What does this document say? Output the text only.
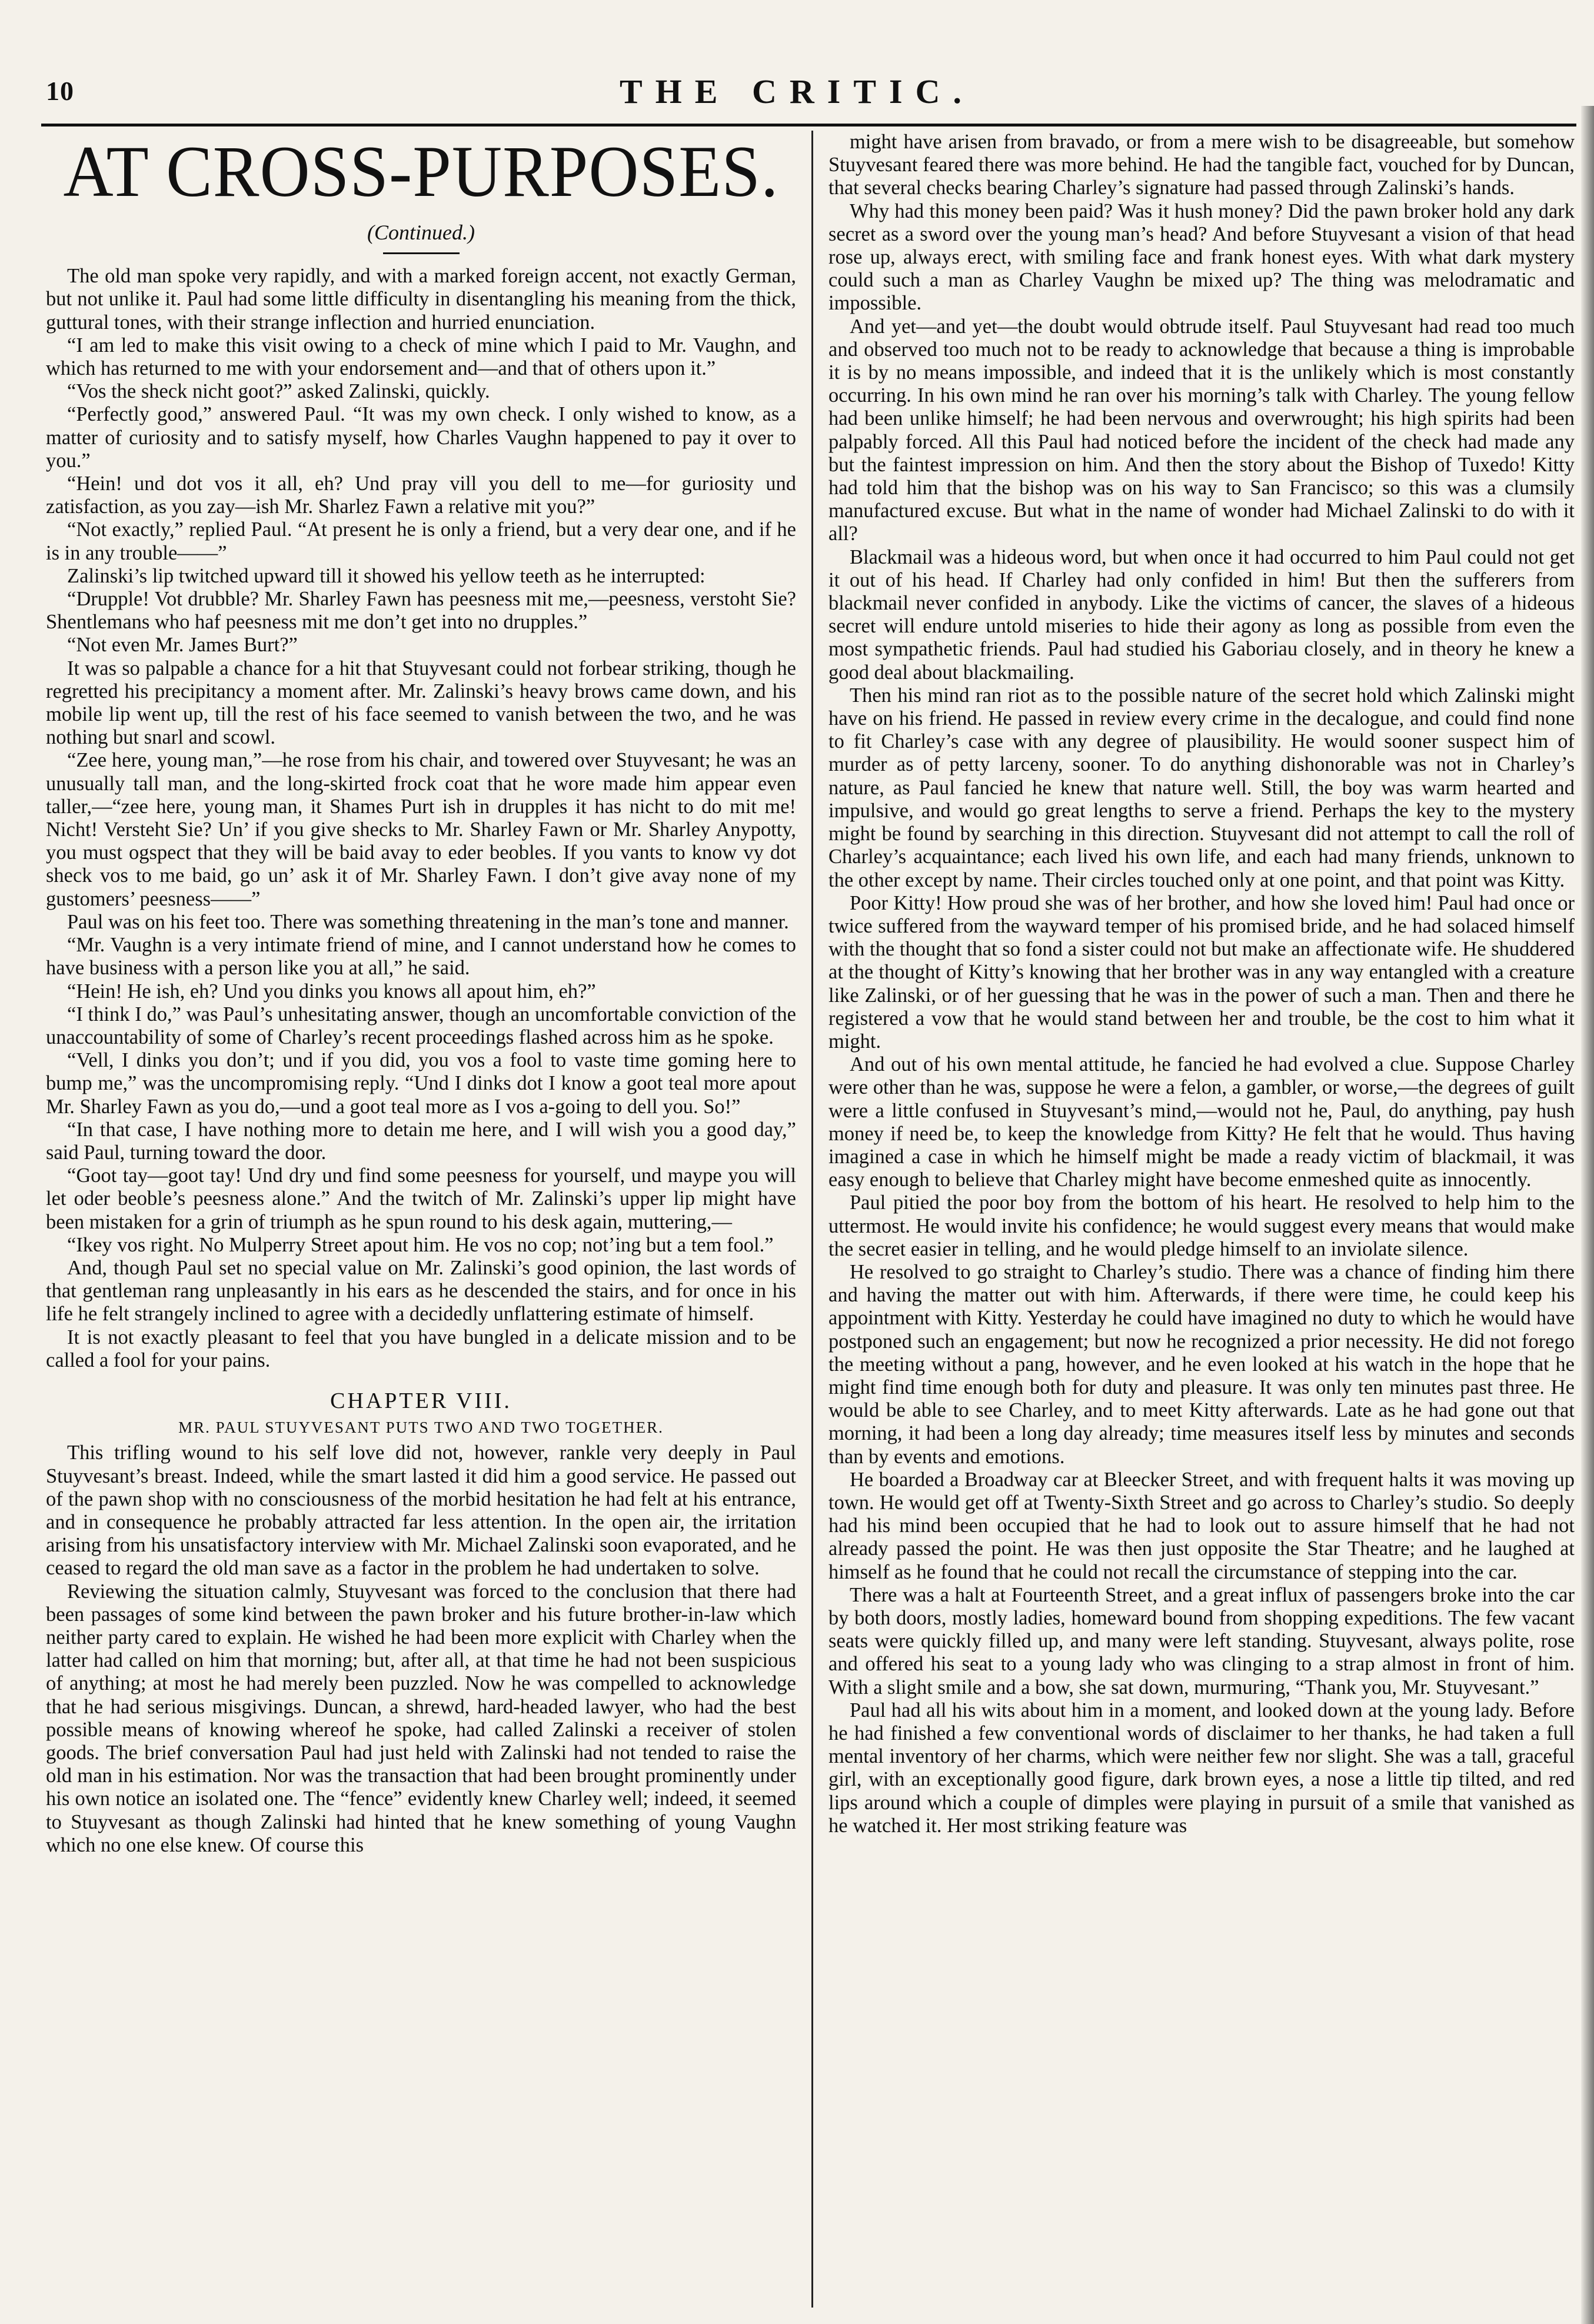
10	THE CRITIC.
AT CROSS-PURPOSES.
(Continued.)

The old man spoke very rapidly, and with a marked foreign accent, not exactly German, but not unlike it. Paul had some little difficulty in disentangling his meaning from the thick, guttural tones, with their strange inflection and hurried enunciation.

“I am led to make this visit owing to a check of mine which I paid to Mr. Vaughn, and which has returned to me with your endorsement and—and that of others upon it.”

“Vos the sheck nicht goot?” asked Zalinski, quickly.

“Perfectly good,” answered Paul. “It was my own check. I only wished to know, as a matter of curiosity and to satisfy myself, how Charles Vaughn happened to pay it over to you.”

“Hein! und dot vos it all, eh? Und pray vill you dell to me—for guriosity und zatisfaction, as you zay—ish Mr. Sharlez Fawn a relative mit you?”

“Not exactly,” replied Paul. “At present he is only a friend, but a very dear one, and if he is in any trouble——”

Zalinski’s lip twitched upward till it showed his yellow teeth as he interrupted:

“Drupple! Vot drubble? Mr. Sharley Fawn has peesness mit me,—peesness, verstoht Sie? Shentlemans who haf peesness mit me don’t get into no drupples.”

“Not even Mr. James Burt?”

It was so palpable a chance for a hit that Stuyvesant could not forbear striking, though he regretted his precipitancy a moment after. Mr. Zalinski’s heavy brows came down, and his mobile lip went up, till the rest of his face seemed to vanish between the two, and he was nothing but snarl and scowl.

“Zee here, young man,”—he rose from his chair, and towered over Stuyvesant; he was an unusually tall man, and the long-skirted frock coat that he wore made him appear even taller,—“zee here, young man, it Shames Purt ish in drupples it has nicht to do mit me! Nicht! Versteht Sie? Un’ if you give shecks to Mr. Sharley Fawn or Mr. Sharley Anypotty, you must ogspect that they will be baid avay to eder beobles. If you vants to know vy dot sheck vos to me baid, go un’ ask it of Mr. Sharley Fawn. I don’t give avay none of my gustomers’ peesness——”

Paul was on his feet too. There was something threatening in the man’s tone and manner.

“Mr. Vaughn is a very intimate friend of mine, and I cannot understand how he comes to have business with a person like you at all,” he said.

“Hein! He ish, eh? Und you dinks you knows all apout him, eh?”

“I think I do,” was Paul’s unhesitating answer, though an uncomfortable conviction of the unaccountability of some of Charley’s recent proceedings flashed across him as he spoke.

“Vell, I dinks you don’t; und if you did, you vos a fool to vaste time goming here to bump me,” was the uncompromising reply. “Und I dinks dot I know a goot teal more apout Mr. Sharley Fawn as you do,—und a goot teal more as I vos a-going to dell you. So!”

“In that case, I have nothing more to detain me here, and I will wish you a good day,” said Paul, turning toward the door.

“Goot tay—goot tay! Und dry und find some peesness for yourself, und maype you will let oder beoble’s peesness alone.” And the twitch of Mr. Zalinski’s upper lip might have been mistaken for a grin of triumph as he spun round to his desk again, muttering,—

“Ikey vos right. No Mulperry Street apout him. He vos no cop; not’ing but a tem fool.”

And, though Paul set no special value on Mr. Zalinski’s good opinion, the last words of that gentleman rang unpleasantly in his ears as he descended the stairs, and for once in his life he felt strangely inclined to agree with a decidedly unflattering estimate of himself.

It is not exactly pleasant to feel that you have bungled in a delicate mission and to be called a fool for your pains.

CHAPTER VIII.
MR. PAUL STUYVESANT PUTS TWO AND TWO TOGETHER.

This trifling wound to his self love did not, however, rankle very deeply in Paul Stuyvesant’s breast. Indeed, while the smart lasted it did him a good service. He passed out of the pawn shop with no consciousness of the morbid hesitation he had felt at his entrance, and in consequence he probably attracted far less attention. In the open air, the irritation arising from his unsatisfactory interview with Mr. Michael Zalinski soon evaporated, and he ceased to regard the old man save as a factor in the problem he had undertaken to solve.

Reviewing the situation calmly, Stuyvesant was forced to the conclusion that there had been passages of some kind between the pawn broker and his future brother-in-law which neither party cared to explain. He wished he had been more explicit with Charley when the latter had called on him that morning; but, after all, at that time he had not been suspicious of anything; at most he had merely been puzzled. Now he was compelled to acknowledge that he had serious misgivings. Duncan, a shrewd, hard-headed lawyer, who had the best possible means of knowing whereof he spoke, had called Zalinski a receiver of stolen goods. The brief conversation Paul had just held with Zalinski had not tended to raise the old man in his estimation. Nor was the transaction that had been brought prominently under his own notice an isolated one. The “fence” evidently knew Charley well; indeed, it seemed to Stuyvesant as though Zalinski had hinted that he knew something of young Vaughn which no one else knew. Of course this

might have arisen from bravado, or from a mere wish to be disagreeable, but somehow Stuyvesant feared there was more behind. He had the tangible fact, vouched for by Duncan, that several checks bearing Charley’s signature had passed through Zalinski’s hands.

Why had this money been paid? Was it hush money? Did the pawn broker hold any dark secret as a sword over the young man’s head? And before Stuyvesant a vision of that head rose up, always erect, with smiling face and frank honest eyes. With what dark mystery could such a man as Charley Vaughn be mixed up? The thing was melodramatic and impossible.

And yet—and yet—the doubt would obtrude itself. Paul Stuyvesant had read too much and observed too much not to be ready to acknowledge that because a thing is improbable it is by no means impossible, and indeed that it is the unlikely which is most constantly occurring. In his own mind he ran over his morning’s talk with Charley. The young fellow had been unlike himself; he had been nervous and overwrought; his high spirits had been palpably forced. All this Paul had noticed before the incident of the check had made any but the faintest impression on him. And then the story about the Bishop of Tuxedo! Kitty had told him that the bishop was on his way to San Francisco; so this was a clumsily manufactured excuse. But what in the name of wonder had Michael Zalinski to do with it all?

Blackmail was a hideous word, but when once it had occurred to him Paul could not get it out of his head. If Charley had only confided in him! But then the sufferers from blackmail never confided in anybody. Like the victims of cancer, the slaves of a hideous secret will endure untold miseries to hide their agony as long as possible from even the most sympathetic friends. Paul had studied his Gaboriau closely, and in theory he knew a good deal about blackmailing.

Then his mind ran riot as to the possible nature of the secret hold which Zalinski might have on his friend. He passed in review every crime in the decalogue, and could find none to fit Charley’s case with any degree of plausibility. He would sooner suspect him of murder as of petty larceny, sooner. To do anything dishonorable was not in Charley’s nature, as Paul fancied he knew that nature well. Still, the boy was warm hearted and impulsive, and would go great lengths to serve a friend. Perhaps the key to the mystery might be found by searching in this direction. Stuyvesant did not attempt to call the roll of Charley’s acquaintance; each lived his own life, and each had many friends, unknown to the other except by name. Their circles touched only at one point, and that point was Kitty.

Poor Kitty! How proud she was of her brother, and how she loved him! Paul had once or twice suffered from the wayward temper of his promised bride, and he had solaced himself with the thought that so fond a sister could not but make an affectionate wife. He shuddered at the thought of Kitty’s knowing that her brother was in any way entangled with a creature like Zalinski, or of her guessing that he was in the power of such a man. Then and there he registered a vow that he would stand between her and trouble, be the cost to him what it might.

And out of his own mental attitude, he fancied he had evolved a clue. Suppose Charley were other than he was, suppose he were a felon, a gambler, or worse,—the degrees of guilt were a little confused in Stuyvesant’s mind,—would not he, Paul, do anything, pay hush money if need be, to keep the knowledge from Kitty? He felt that he would. Thus having imagined a case in which he himself might be made a ready victim of blackmail, it was easy enough to believe that Charley might have become enmeshed quite as innocently.

Paul pitied the poor boy from the bottom of his heart. He resolved to help him to the uttermost. He would invite his confidence; he would suggest every means that would make the secret easier in telling, and he would pledge himself to an inviolate silence.

He resolved to go straight to Charley’s studio. There was a chance of finding him there and having the matter out with him. Afterwards, if there were time, he could keep his appointment with Kitty. Yesterday he could have imagined no duty to which he would have postponed such an engagement; but now he recognized a prior necessity. He did not forego the meeting without a pang, however, and he even looked at his watch in the hope that he might find time enough both for duty and pleasure. It was only ten minutes past three. He would be able to see Charley, and to meet Kitty afterwards. Late as he had gone out that morning, it had been a long day already; time measures itself less by minutes and seconds than by events and emotions.

He boarded a Broadway car at Bleecker Street, and with frequent halts it was moving up town. He would get off at Twenty-Sixth Street and go across to Charley’s studio. So deeply had his mind been occupied that he had to look out to assure himself that he had not already passed the point. He was then just opposite the Star Theatre; and he laughed at himself as he found that he could not recall the circumstance of stepping into the car.

There was a halt at Fourteenth Street, and a great influx of passengers broke into the car by both doors, mostly ladies, homeward bound from shopping expeditions. The few vacant seats were quickly filled up, and many were left standing. Stuyvesant, always polite, rose and offered his seat to a young lady who was clinging to a strap almost in front of him. With a slight smile and a bow, she sat down, murmuring, “Thank you, Mr. Stuyvesant.”

Paul had all his wits about him in a moment, and looked down at the young lady. Before he had finished a few conventional words of disclaimer to her thanks, he had taken a full mental inventory of her charms, which were neither few nor slight. She was a tall, graceful girl, with an exceptionally good figure, dark brown eyes, a nose a little tip tilted, and red lips around which a couple of dimples were playing in pursuit of a smile that vanished as he watched it. Her most striking feature was
